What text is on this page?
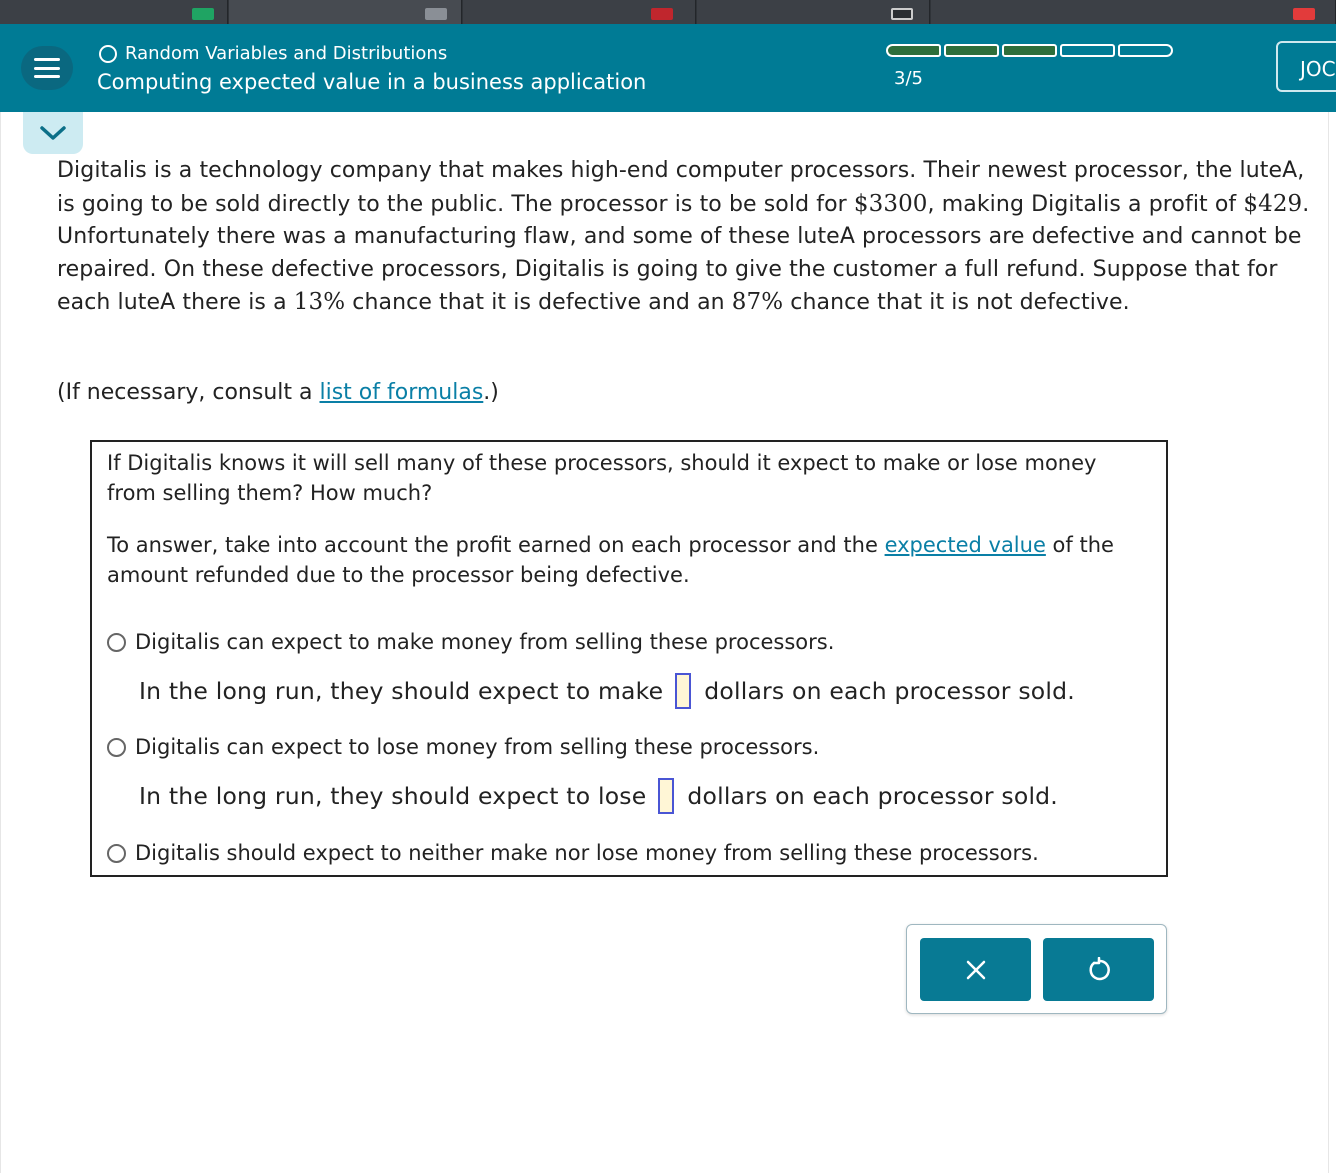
Random Variables and Distributions
Computing expected value in a business application	3/5	JOC
Digitalis is a technology company that makes high-end computer processors. Their newest processor, the luteA, is going to be sold directly to the public. The processor is to be sold for $3300, making Digitalis a profit of $429. Unfortunately there was a manufacturing flaw, and some of these luteA processors are defective and cannot be repaired. On these defective processors, Digitalis is going to give the customer a full refund. Suppose that for each luteA there is a 13% chance that it is defective and an 87% chance that it is not defective.
(If necessary, consult a list of formulas.)
If Digitalis knows it will sell many of these processors, should it expect to make or lose money from selling them? How much?
To answer, take into account the profit earned on each processor and the expected value of the amount refunded due to the processor being defective.
Digitalis can expect to make money from selling these processors.
In the long run, they should expect to make dollars on each processor sold.
Digitalis can expect to lose money from selling these processors.
In the long run, they should expect to lose dollars on each processor sold.
Digitalis should expect to neither make nor lose money from selling these processors.
